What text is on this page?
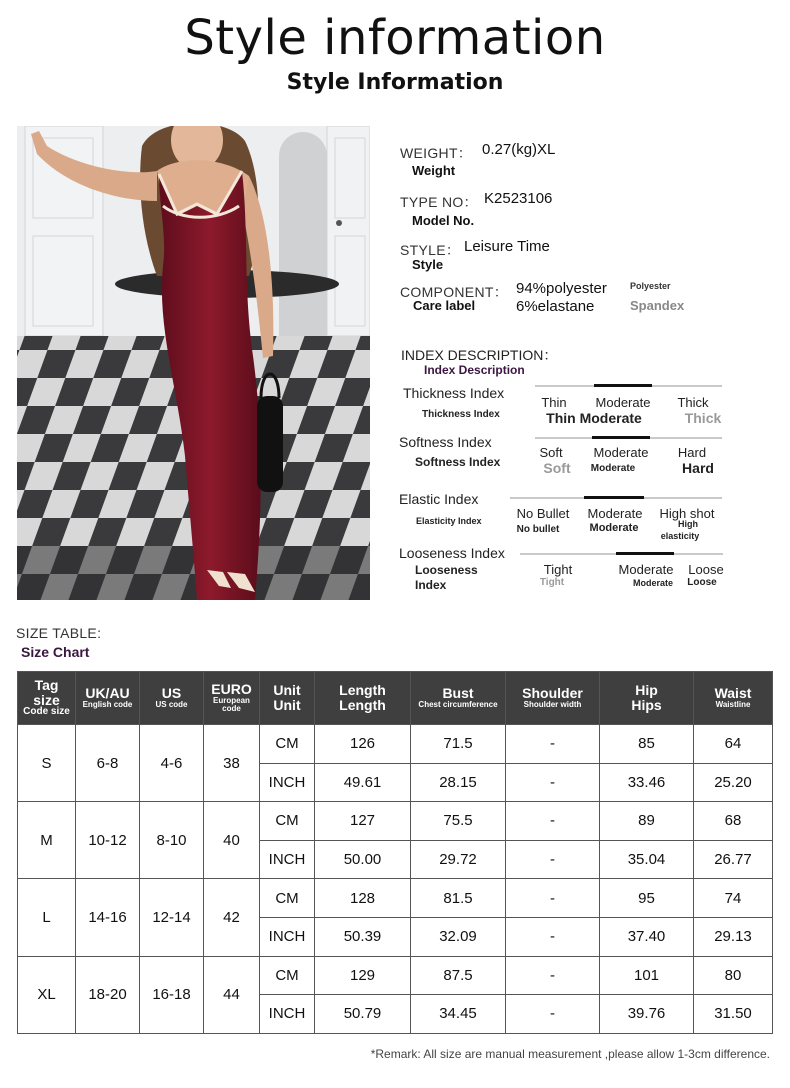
Style information
Style Information
WEIGHT： 0.27(kg)XL
Weight
TYPE NO： K2523106
Model No.
STYLE： Leisure Time
Style
COMPONENT： 94%polyester
6%elastane
Care label
Polyester
Spandex
INDEX DESCRIPTION：
Index Description
Thickness Index
Thickness Index
Thin	Moderate	Thick
Thin Moderate	Thick
Softness Index
Softness Index
Soft	Moderate	Hard
Soft	Moderate	Hard
Elastic Index
Elasticity Index	No Bullet	Moderate	High shot
No bullet	Moderate	High
elasticity
Looseness Index
Looseness
Index
Tight	Moderate	Loose
Tight	Moderate	Loose
SIZE TABLE:
Size Chart
Tag size
Code size	UK/AU
English code	US
US code	EURO
European code	Unit
Unit	Length
Length	Bust
Chest circumference	Shoulder
Shoulder width	Hip
Hips	Waist
Waistline

S	6-8	4-6	38	CM	126	71.5	-	85	64
				INCH	49.61	28.15	-	33.46	25.20
M	10-12	8-10	40	CM	127	75.5	-	89	68
				INCH	50.00	29.72	-	35.04	26.77
L	14-16	12-14	42	CM	128	81.5	-	95	74
				INCH	50.39	32.09	-	37.40	29.13
XL	18-20	16-18	44	CM	129	87.5	-	101	80
				INCH	50.79	34.45	-	39.76	31.50
*Remark: All size are manual measurement ,please allow 1-3cm difference.
